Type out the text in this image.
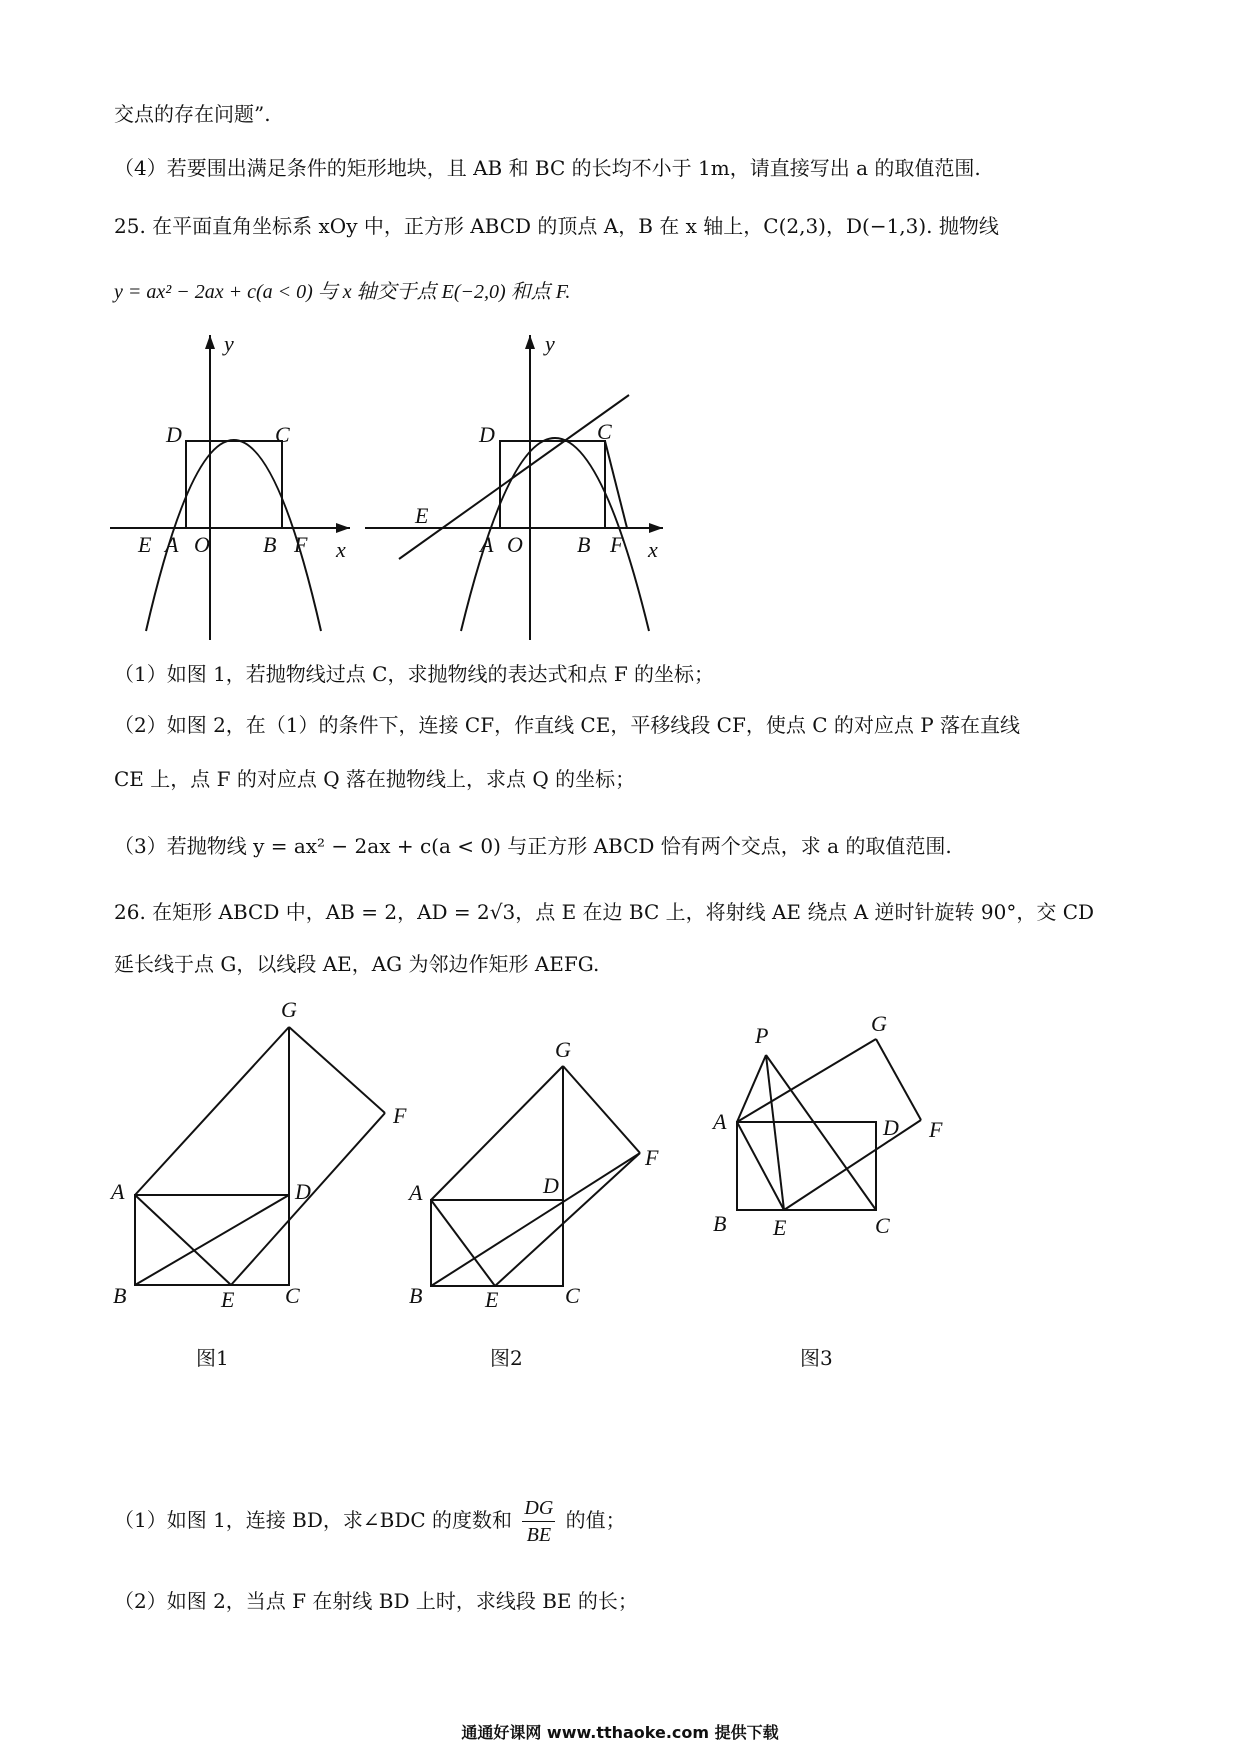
交点的存在问题”.
（4）若要围出满足条件的矩形地块，且 AB 和 BC 的长均不小于 1m，请直接写出 a 的取值范围.
25. 在平面直角坐标系 xOy 中，正方形 ABCD 的顶点 A，B 在 x 轴上，C(2,3)，D(−1,3). 抛物线
y = ax² − 2ax + c(a < 0) 与 x 轴交于点 E(−2,0) 和点 F.
y
x
D	C
E A O B F
y
x
D	C
E
A O B F
（1）如图 1，若抛物线过点 C，求抛物线的表达式和点 F 的坐标；
（2）如图 2，在（1）的条件下，连接 CF，作直线 CE，平移线段 CF，使点 C 的对应点 P 落在直线
CE 上，点 F 的对应点 Q 落在抛物线上，求点 Q 的坐标；
（3）若抛物线 y = ax² − 2ax + c(a < 0) 与正方形 ABCD 恰有两个交点，求 a 的取值范围.
26. 在矩形 ABCD 中，AB = 2，AD = 2√3，点 E 在边 BC 上，将射线 AE 绕点 A 逆时针旋转 90°，交 CD
延长线于点 G，以线段 AE，AG 为邻边作矩形 AEFG.
G
F
A	D
B	E C
G
F
A	D
B	E	C
P	G
A	D F
B E	C
图1	图2	图3
（1）如图 1，连接 BD，求∠BDC 的度数和 $\frac{DG}{BE}$ 的值；
（2）如图 2，当点 F 在射线 BD 上时，求线段 BE 的长；
通通好课网 www.tthaoke.com 提供下载
